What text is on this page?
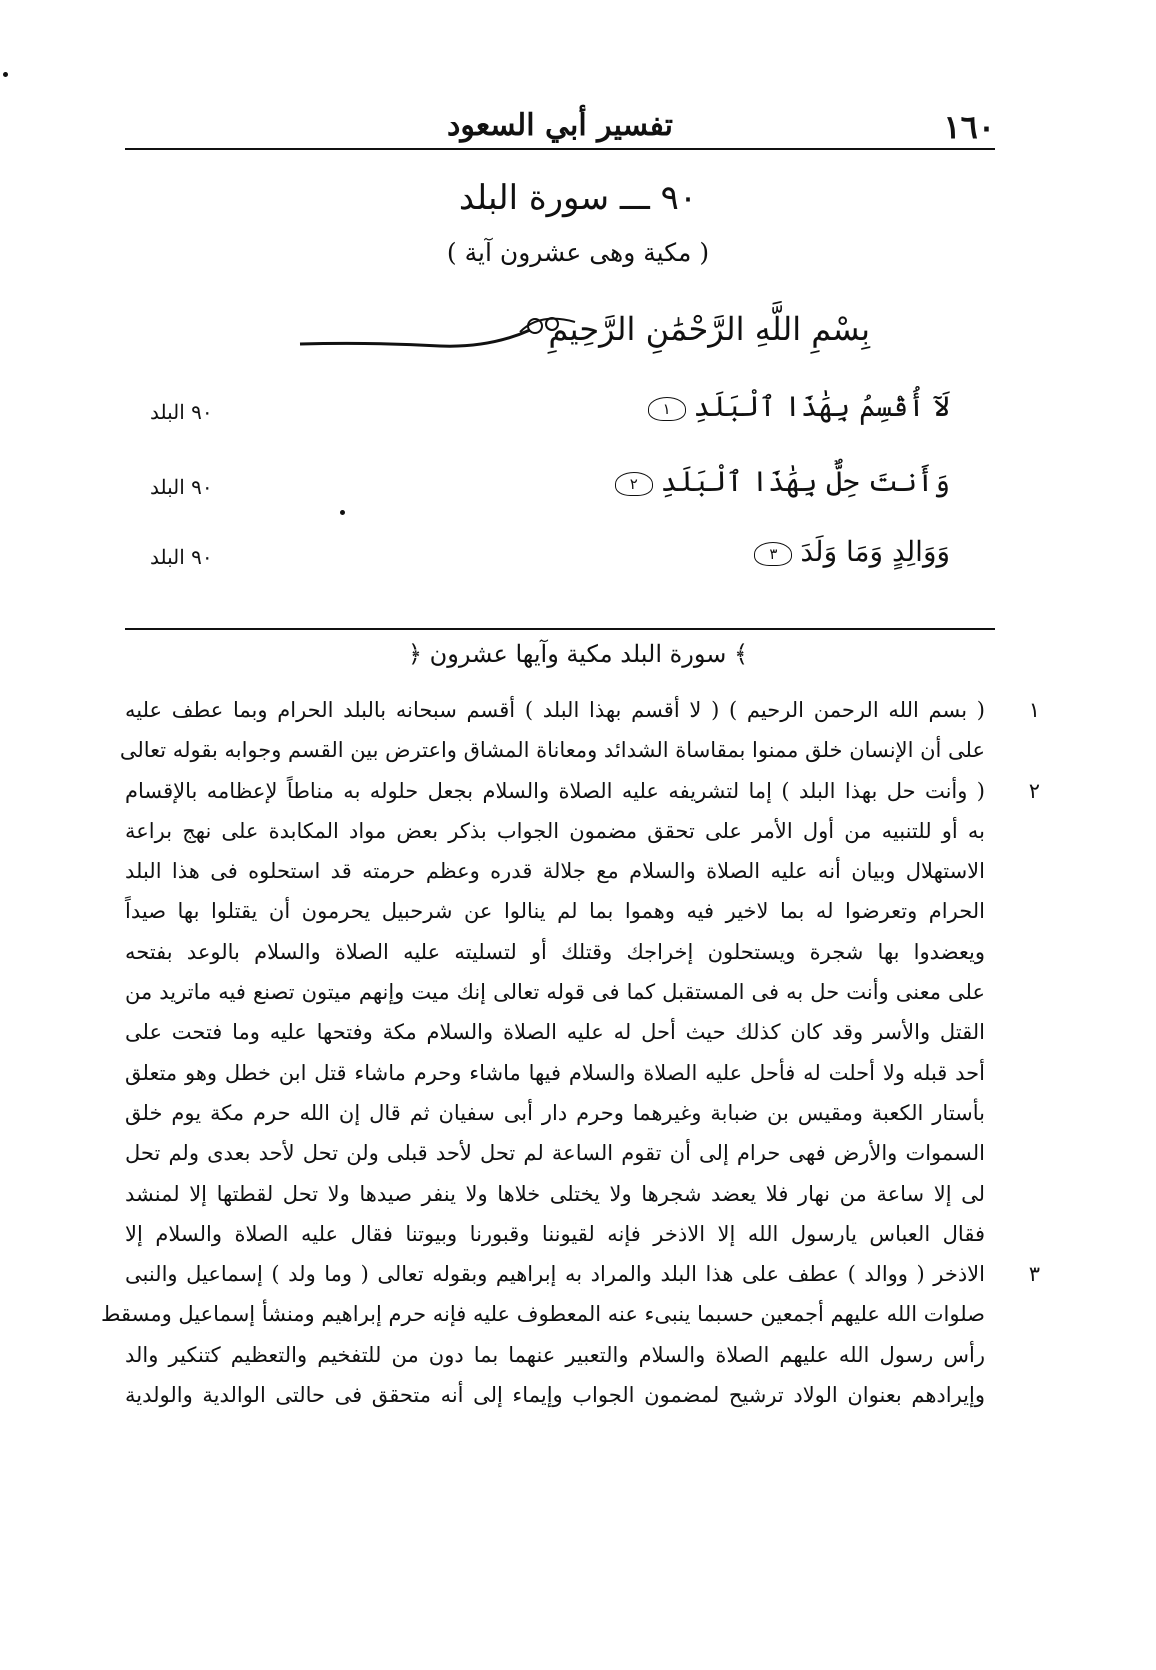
تفسير أبي السعود	١٦٠
٩٠ ـــ سورة البلد
( مكية وهى عشرون آية )
بِسْمِ اللَّهِ الرَّحْمَٰنِ الرَّحِيمِ
٩٠ البلد	١ لَآ أُقْسِمُ بِهَٰذَا ٱلْبَلَدِ
٩٠ البلد	٢ وَأَنتَ حِلٌّ بِهَٰذَا ٱلْبَلَدِ
٩٠ البلد	٣ وَوَالِدٍ وَمَا وَلَدَ
﴿ سورة البلد مكية وآيها عشرون ﴾
١
( بسم الله الرحمن الرحيم ) ( لا أقسم بهذا البلد ) أقسم سبحانه بالبلد الحرام وبما عطف عليه
على أن الإنسان خلق ممنوا بمقاساة الشدائد ومعاناة المشاق واعترض بين القسم وجوابه بقوله تعالى
٢
( وأنت حل بهذا البلد ) إما لتشريفه عليه الصلاة والسلام بجعل حلوله به مناطاً لإعظامه بالإقسام
به أو للتنبيه من أول الأمر على تحقق مضمون الجواب بذكر بعض مواد المكابدة على نهج براعة
الاستهلال وبيان أنه عليه الصلاة والسلام مع جلالة قدره وعظم حرمته قد استحلوه فى هذا البلد
الحرام وتعرضوا له بما لاخير فيه وهموا بما لم ينالوا عن شرحبيل يحرمون أن يقتلوا بها صيداً
ويعضدوا بها شجرة ويستحلون إخراجك وقتلك أو لتسليته عليه الصلاة والسلام بالوعد بفتحه
على معنى وأنت حل به فى المستقبل كما فى قوله تعالى إنك ميت وإنهم ميتون تصنع فيه ماتريد من
القتل والأسر وقد كان كذلك حيث أحل له عليه الصلاة والسلام مكة وفتحها عليه وما فتحت على
أحد قبله ولا أحلت له فأحل عليه الصلاة والسلام فيها ماشاء وحرم ماشاء قتل ابن خطل وهو متعلق
بأستار الكعبة ومقيس بن ضبابة وغيرهما وحرم دار أبى سفيان ثم قال إن الله حرم مكة يوم خلق
السموات والأرض فهى حرام إلى أن تقوم الساعة لم تحل لأحد قبلى ولن تحل لأحد بعدى ولم تحل
لى إلا ساعة من نهار فلا يعضد شجرها ولا يختلى خلاها ولا ينفر صيدها ولا تحل لقطتها إلا لمنشد
فقال العباس يارسول الله إلا الاذخر فإنه لقيوننا وقبورنا وبيوتنا فقال عليه الصلاة والسلام إلا
٣
الاذخر ( ووالد ) عطف على هذا البلد والمراد به إبراهيم وبقوله تعالى ( وما ولد ) إسماعيل والنبى
صلوات الله عليهم أجمعين حسبما ينبىء عنه المعطوف عليه فإنه حرم إبراهيم ومنشأ إسماعيل ومسقط
رأس رسول الله عليهم الصلاة والسلام والتعبير عنهما بما دون من للتفخيم والتعظيم كتنكير والد
وإيرادهم بعنوان الولاد ترشيح لمضمون الجواب وإيماء إلى أنه متحقق فى حالتى الوالدية والولدية
